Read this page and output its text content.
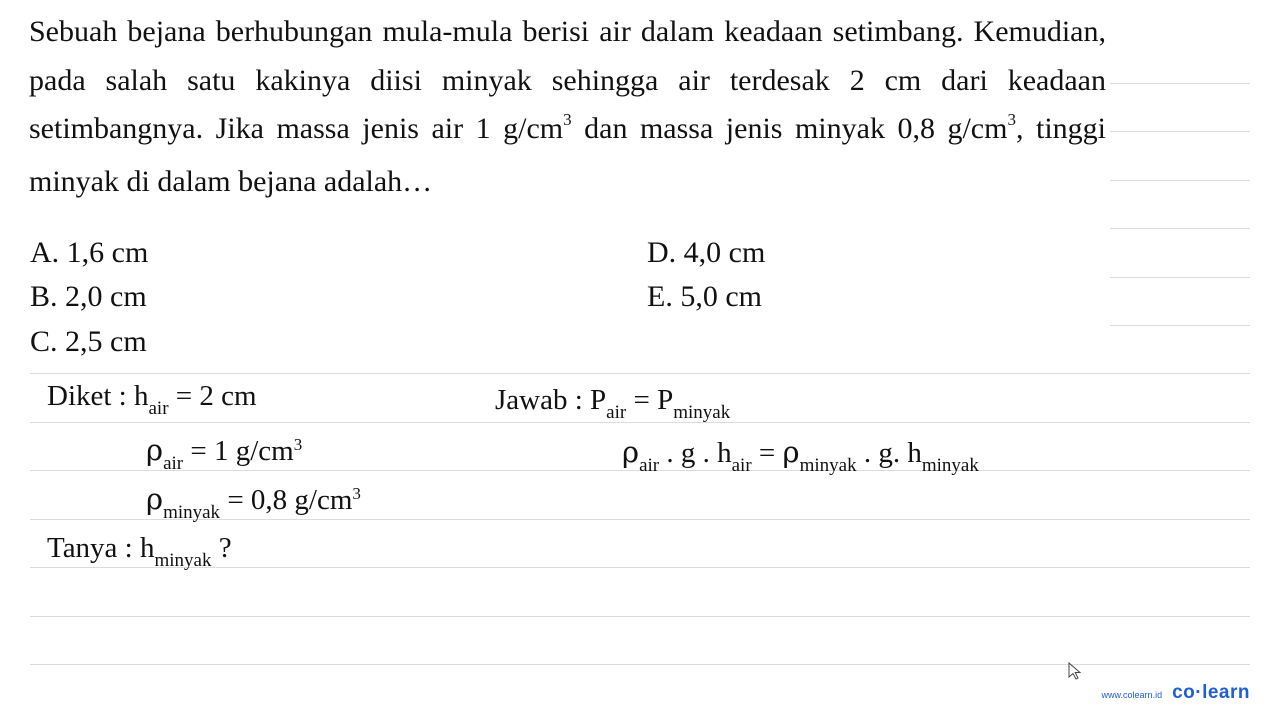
Sebuah bejana berhubungan mula-mula berisi air dalam keadaan setimbang. Kemudian, pada salah satu kakinya diisi minyak sehingga air terdesak 2 cm dari keadaan setimbangnya. Jika massa jenis air 1 $g/cm^3$ dan massa jenis minyak 0,8 $g/cm^3$, tinggi minyak di dalam bejana adalah…

A. 1,6 cm
B. 2,0 cm
C. 2,5 cm
D. 4,0 cm
E. 5,0 cm
Diket : $h_{air} = 2$ cm
$\rho_{air} = 1$ $g/cm^3$
$\rho_{minyak} = 0,8$ $g/cm^3$
Tanya : $h_{minyak}$ ?
Jawab : $P_{air} = P_{minyak}$
$\rho_{air}$ . g . $h_{air} = \rho_{minyak}$ . g. $h_{minyak}$
www.colearn.id co·learn
